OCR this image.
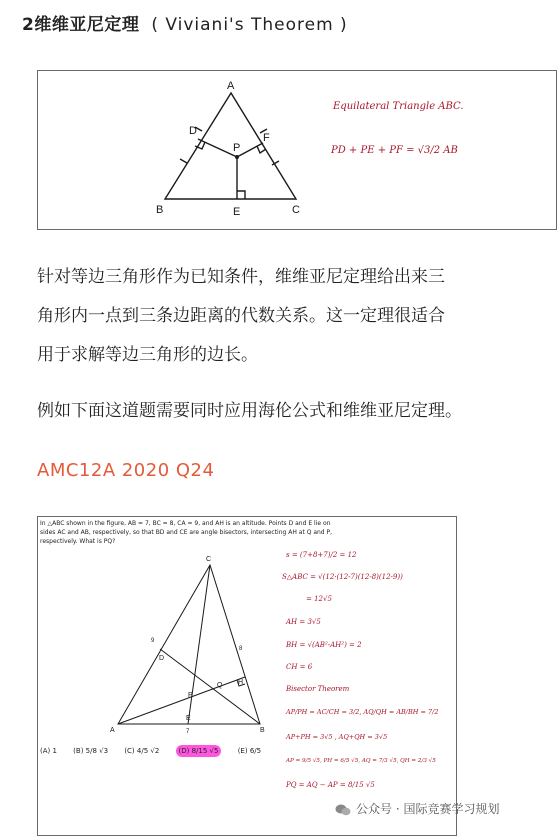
2维维亚尼定理 ( Viviani's Theorem )
A
B	C
D
E
F
P
Equilateral Triangle ABC.
PD + PE + PF = √3/2 AB
针对等边三角形作为已知条件，维维亚尼定理给出来三
角形内一点到三条边距离的代数关系。这一定理很适合
用于求解等边三角形的边长。
例如下面这道题需要同时应用海伦公式和维维亚尼定理。
AMC12A 2020 Q24
In △ABC shown in the figure, AB = 7, BC = 8, CA = 9, and AH is an altitude. Points D and E lie on sides AC and AB, respectively, so that BD and CE are angle bisectors, intersecting AH at Q and P, respectively. What is PQ?
C
A	B
D
E
H
P
Q
9
8
7
s = (7+8+7)/2 = 12
S△ABC = √(12·(12-7)(12-8)(12-9))
= 12√5
AH = 3√5
BH = √(AB²-AH²) = 2
CH = 6
Bisector Theorem
AP/PH = AC/CH = 3/2, AQ/QH = AB/BH = 7/2
AP+PH = 3√5 , AQ+QH = 3√5
AP = 9/5 √5, PH = 6/5 √5, AQ = 7/3 √5, QH = 2/3 √5
PQ = AQ − AP = 8/15 √5
(A) 1 (B) 5/8 √3 (C) 4/5 √2	(D) 8/15 √5	(E) 6/5
公众号 · 国际竞赛学习规划
